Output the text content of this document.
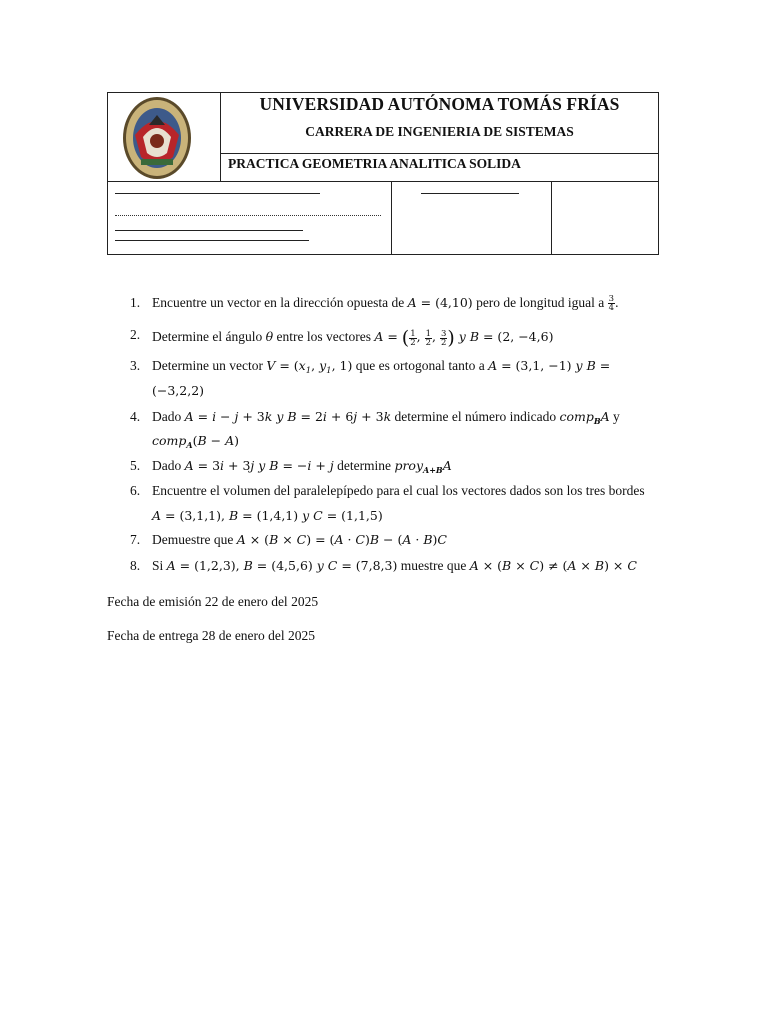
UNIVERSIDAD AUTÓNOMA TOMÁS FRÍAS
CARRERA DE INGENIERIA DE SISTEMAS
PRACTICA GEOMETRIA ANALITICA SOLIDA
1. Encuentre un vector en la dirección opuesta de A = (4,10) pero de longitud igual a $\frac{3}{4}$ .
2. Determine el ángulo θ entre los vectores A = ( $\frac{1}{2}$ , $\frac{1}{2}$ , $\frac{3}{2}$ ) y B = (2, −4,6)
3. Determine un vector $V = (x_1$, $y_1$, 1) que es ortogonal tanto a A = (3,1, −1) y B =
(−3,2,2)
4. Dado A = i − j + 3k y B = 2i + 6j + 3k determine el número indicado comp$_B$A y
comp$_A$(B − A)
5. Dado A = 3i + 3j y B = −i + j determine proy$_{A+B}$A
6. Encuentre el volumen del paralelepípedo para el cual los vectores dados son los tres bordes
A = (3,1,1), B = (1,4,1) y C = (1,1,5)
7. Demuestre que A × (B × C) = (A · C)B − (A · B)C
8. Si A = (1,2,3), B = (4,5,6) y C = (7,8,3) muestre que A × (B × C) ≠ (A × B) × C
Fecha de emisión 22 de enero del 2025
Fecha de entrega 28 de enero del 2025
